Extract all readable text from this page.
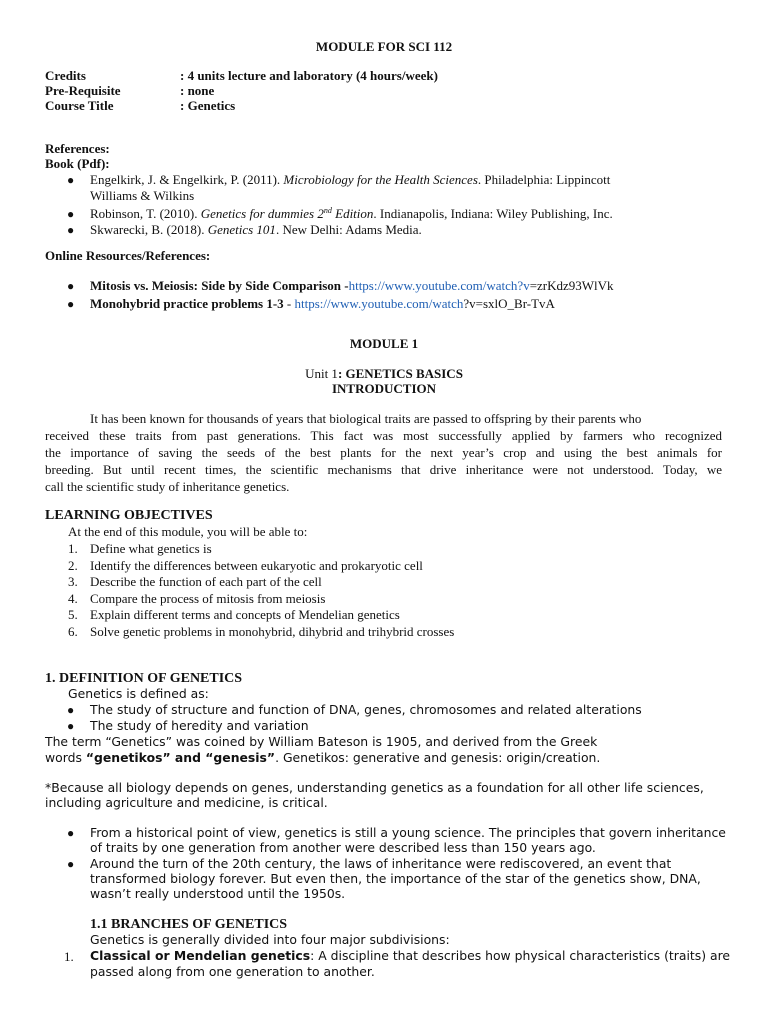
MODULE FOR SCI 112
Credits	: 4 units lecture and laboratory (4 hours/week)
Pre-Requisite	: none
Course Title	: Genetics
References:
Book (Pdf):
● Engelkirk, J. & Engelkirk, P. (2011). Microbiology for the Health Sciences. Philadelphia: Lippincott
Williams & Wilkins
● Robinson, T. (2010). Genetics for dummies 2nd Edition. Indianapolis, Indiana: Wiley Publishing, Inc.
● Skwarecki, B. (2018). Genetics 101. New Delhi: Adams Media.
Online Resources/References:
● Mitosis vs. Meiosis: Side by Side Comparison -https://www.youtube.com/watch?v=zrKdz93WlVk
● Monohybrid practice problems 1-3 - https://www.youtube.com/watch?v=sxlO_Br-TvA
MODULE 1
Unit 1: GENETICS BASICS
INTRODUCTION
It has been known for thousands of years that biological traits are passed to offspring by their parents who
received these traits from past generations. This fact was most successfully applied by farmers who recognized
the importance of saving the seeds of the best plants for the next year’s crop and using the best animals for
breeding. But until recent times, the scientific mechanisms that drive inheritance were not understood. Today, we
call the scientific study of inheritance genetics.
LEARNING OBJECTIVES
At the end of this module, you will be able to:
1. Define what genetics is
2. Identify the differences between eukaryotic and prokaryotic cell
3. Describe the function of each part of the cell
4. Compare the process of mitosis from meiosis
5. Explain different terms and concepts of Mendelian genetics
6. Solve genetic problems in monohybrid, dihybrid and trihybrid crosses
1. DEFINITION OF GENETICS
Genetics is defined as:
● The study of structure and function of DNA, genes, chromosomes and related alterations
● The study of heredity and variation
The term “Genetics” was coined by William Bateson is 1905, and derived from the Greek
words “genetikos” and “genesis”. Genetikos: generative and genesis: origin/creation.
*Because all biology depends on genes, understanding genetics as a foundation for all other life sciences,
including agriculture and medicine, is critical.
● From a historical point of view, genetics is still a young science. The principles that govern inheritance
of traits by one generation from another were described less than 150 years ago.
● Around the turn of the 20th century, the laws of inheritance were rediscovered, an event that
transformed biology forever. But even then, the importance of the star of the genetics show, DNA,
wasn’t really understood until the 1950s.
1.1 BRANCHES OF GENETICS
Genetics is generally divided into four major subdivisions:
1. Classical or Mendelian genetics: A discipline that describes how physical characteristics (traits) are
passed along from one generation to another.
